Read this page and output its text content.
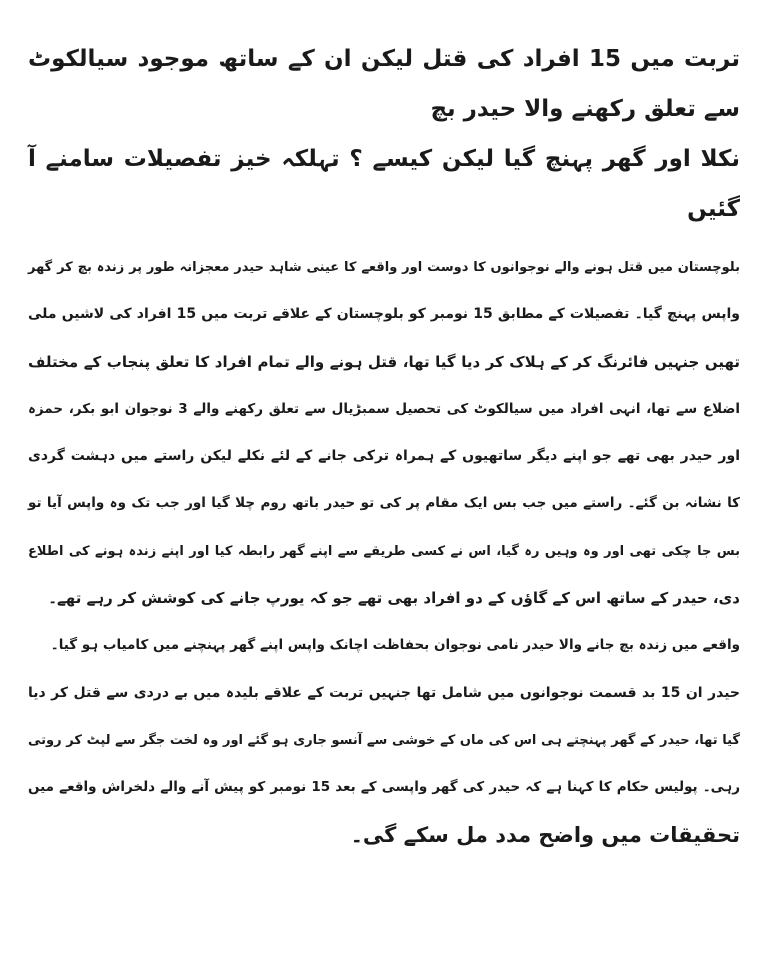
تربت میں 15 افراد کی قتل لیکن ان کے ساتھ موجود سیالکوٹ سے تعلق رکھنے والا حیدر بچ
نکلا اور گھر پہنچ گیا لیکن کیسے ؟ تہلکہ خیز تفصیلات سامنے آ گئیں

بلوچستان میں قتل ہونے والے نوجوانوں کا دوست اور واقعے کا عینی شاہد حیدر معجزانہ طور پر زندہ بچ کر گھر
واپس پہنچ گیا۔ تفصیلات کے مطابق 15 نومبر کو بلوچستان کے علاقے تربت میں 15 افراد کی لاشیں ملی
تھیں جنہیں فائرنگ کر کے ہلاک کر دیا گیا تھا، قتل ہونے والے تمام افراد کا تعلق پنجاب کے مختلف
اضلاع سے تھا، انہی افراد میں سیالکوٹ کی تحصیل سمبڑیال سے تعلق رکھنے والے 3 نوجوان ابو بکر، حمزہ
اور حیدر بھی تھے جو اپنے دیگر ساتھیوں کے ہمراہ ترکی جانے کے لئے نکلے لیکن راستے میں دہشت گردی
کا نشانہ بن گئے۔ راستے میں جب بس ایک مقام پر کی تو حیدر باتھ روم چلا گیا اور جب تک وہ واپس آیا تو
بس جا چکی تھی اور وہ وہیں رہ گیا، اس نے کسی طریقے سے اپنے گھر رابطہ کیا اور اپنے زندہ ہونے کی اطلاع
دی، حیدر کے ساتھ اس کے گاؤں کے دو افراد بھی تھے جو کہ یورپ جانے کی کوشش کر رہے تھے۔

واقعے میں زندہ بچ جانے والا حیدر نامی نوجوان بحفاظت اچانک واپس اپنے گھر پہنچنے میں کامیاب ہو گیا۔

حیدر ان 15 بد قسمت نوجوانوں میں شامل تھا جنہیں تربت کے علاقے بلیدہ میں بے دردی سے قتل کر دیا
گیا تھا، حیدر کے گھر پہنچتے ہی اس کی ماں کے خوشی سے آنسو جاری ہو گئے اور وہ لخت جگر سے لپٹ کر روتی
رہی۔ پولیس حکام کا کہنا ہے کہ حیدر کی گھر واپسی کے بعد 15 نومبر کو پیش آنے والے دلخراش واقعے میں
تحقیقات میں واضح مدد مل سکے گی۔
